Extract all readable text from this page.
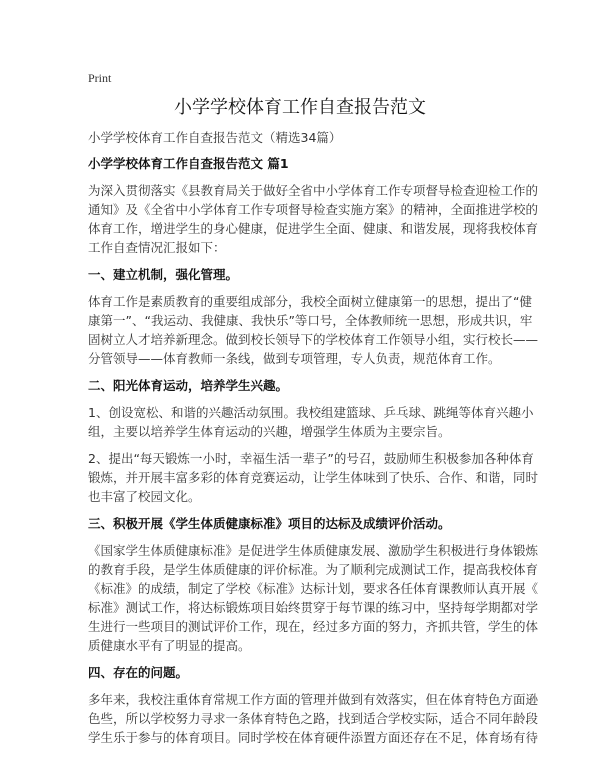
Print
小学学校体育工作自查报告范文
小学学校体育工作自查报告范文（精选34篇）
小学学校体育工作自查报告范文 篇1
为深入贯彻落实《县教育局关于做好全省中小学体育工作专项督导检查迎检工作的
通知》及《全省中小学体育工作专项督导检查实施方案》的精神，全面推进学校的
体育工作，增进学生的身心健康，促进学生全面、健康、和谐发展，现将我校体育
工作自查情况汇报如下：
一、建立机制，强化管理。
体育工作是素质教育的重要组成部分，我校全面树立健康第一的思想，提出了“健
康第一”、“我运动、我健康、我快乐”等口号，全体教师统一思想，形成共识，牢
固树立人才培养新理念。做到校长领导下的学校体育工作领导小组，实行校长——
分管领导——体育教师一条线，做到专项管理，专人负责，规范体育工作。
二、阳光体育运动，培养学生兴趣。
1、创设宽松、和谐的兴趣活动氛围。我校组建篮球、乒乓球、跳绳等体育兴趣小
组，主要以培养学生体育运动的兴趣，增强学生体质为主要宗旨。
2、提出“每天锻炼一小时，幸福生活一辈子”的号召，鼓励师生积极参加各种体育
锻炼，并开展丰富多彩的体育竞赛运动，让学生体味到了快乐、合作、和谐，同时
也丰富了校园文化。
三、积极开展《学生体质健康标准》项目的达标及成绩评价活动。
《国家学生体质健康标准》是促进学生体质健康发展、激励学生积极进行身体锻炼
的教育手段，是学生体质健康的评价标准。为了顺利完成测试工作，提高我校体育
《标准》的成绩，制定了学校《标准》达标计划，要求各任体育课教师认真开展《
标准》测试工作，将达标锻炼项目始终贯穿于每节课的练习中，坚持每学期都对学
生进行一些项目的测试评价工作，现在，经过多方面的努力，齐抓共管，学生的体
质健康水平有了明显的提高。
四、存在的问题。
多年来，我校注重体育常规工作方面的管理并做到有效落实，但在体育特色方面逊
色些，所以学校努力寻求一条体育特色之路，找到适合学校实际，适合不同年龄段
学生乐于参与的体育项目。同时学校在体育硬件添置方面还存在不足，体育场有待
